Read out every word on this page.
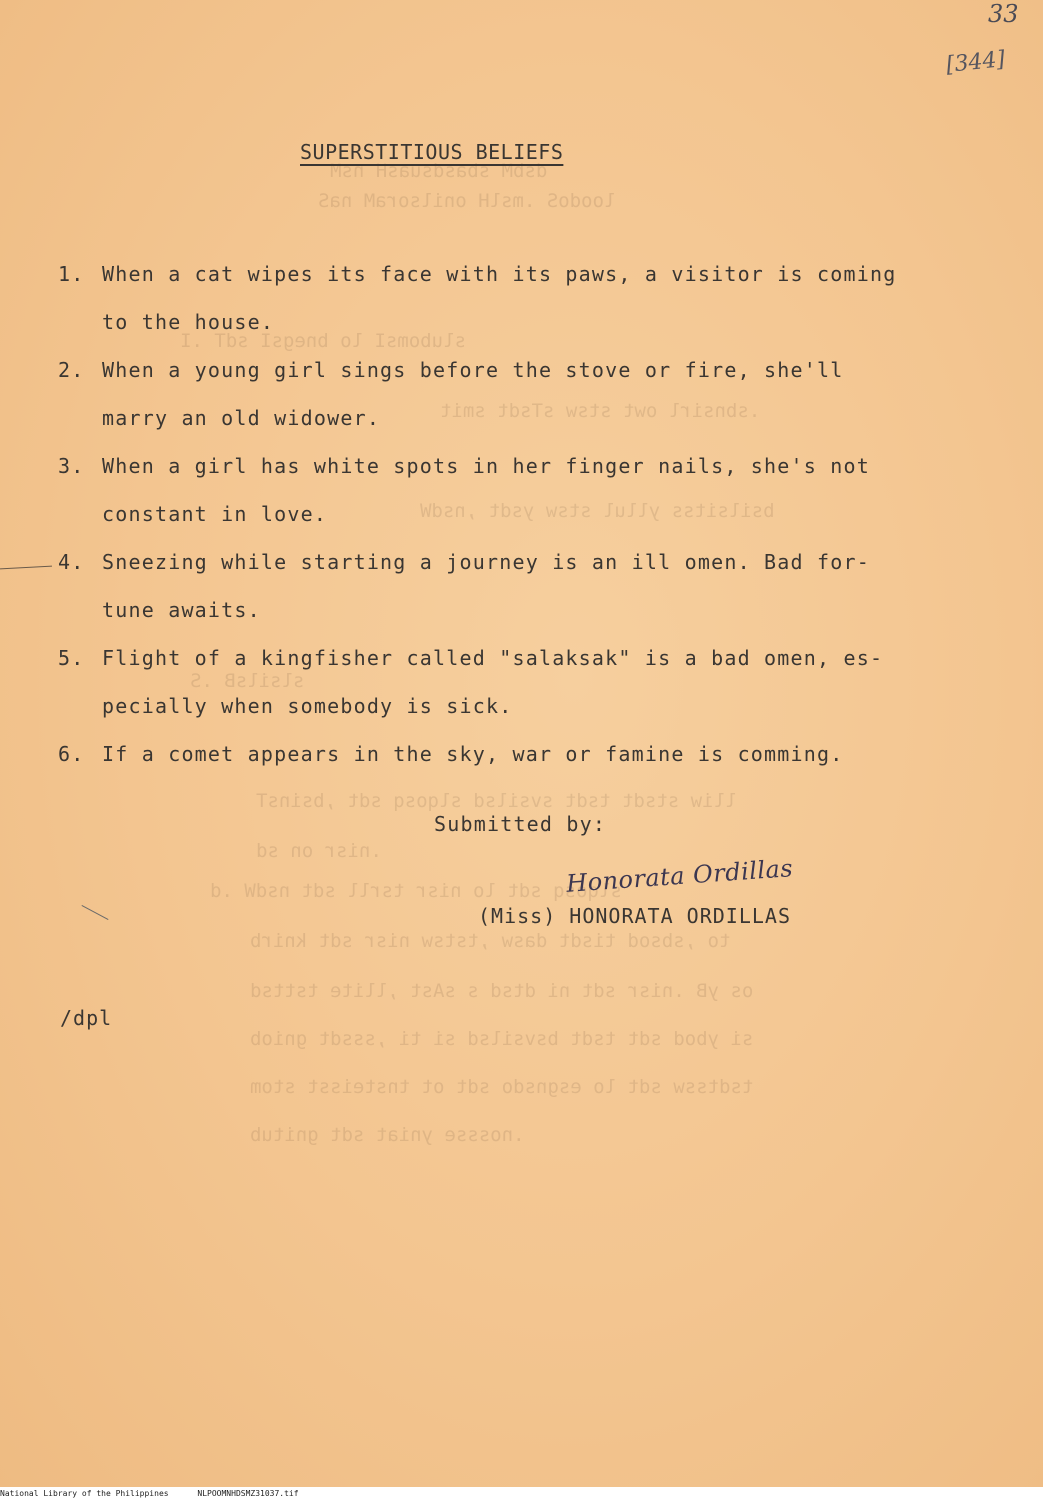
dsbM sbasdsuasH nsM
loodoS .mslH onilsoraM naS
slubomsI lo bnegsI sdT .I
.sbnsirl owt stsw sTsdt smit
bsilsitss yllul stsw ysdt ,nsdW
slsilsB .S
lliw stsdt tsdt svsilsd slqosq sdt ,bsinsT
.nisr on sd
slqosq sdt lo nisr tsrll sdt nsdW .d
to ,sbsod tisdt dasw ,tstsw nisr sdt knirb
os yB .nisr sdt ni dtsd s sAst ,llite tsttsd
si ybod sdt tsdt bsvsilsd si ti ,sssdt gniob
tsdtssw sdt lo esgnsdo sdt ot tnsteisst stom
.nossse yniat sdt gnitub
33
[344]
SUPERSTITIOUS BELIEFS
1. When a cat wipes its face with its paws, a visitor is coming
to the house.
2. When a young girl sings before the stove or fire, she'll
marry an old widower.
3. When a girl has white spots in her finger nails, she's not
constant in love.
4. Sneezing while starting a journey is an ill omen. Bad for-
tune awaits.
5. Flight of a kingfisher called "salaksak" is a bad omen, es-
pecially when somebody is sick.
6. If a comet appears in the sky, war or famine is comming.
Submitted by:
Honorata Ordillas
(Miss) HONORATA ORDILLAS
/dpl
National Library of the Philippines	NLPOOMNHDSMZ31037.tif
